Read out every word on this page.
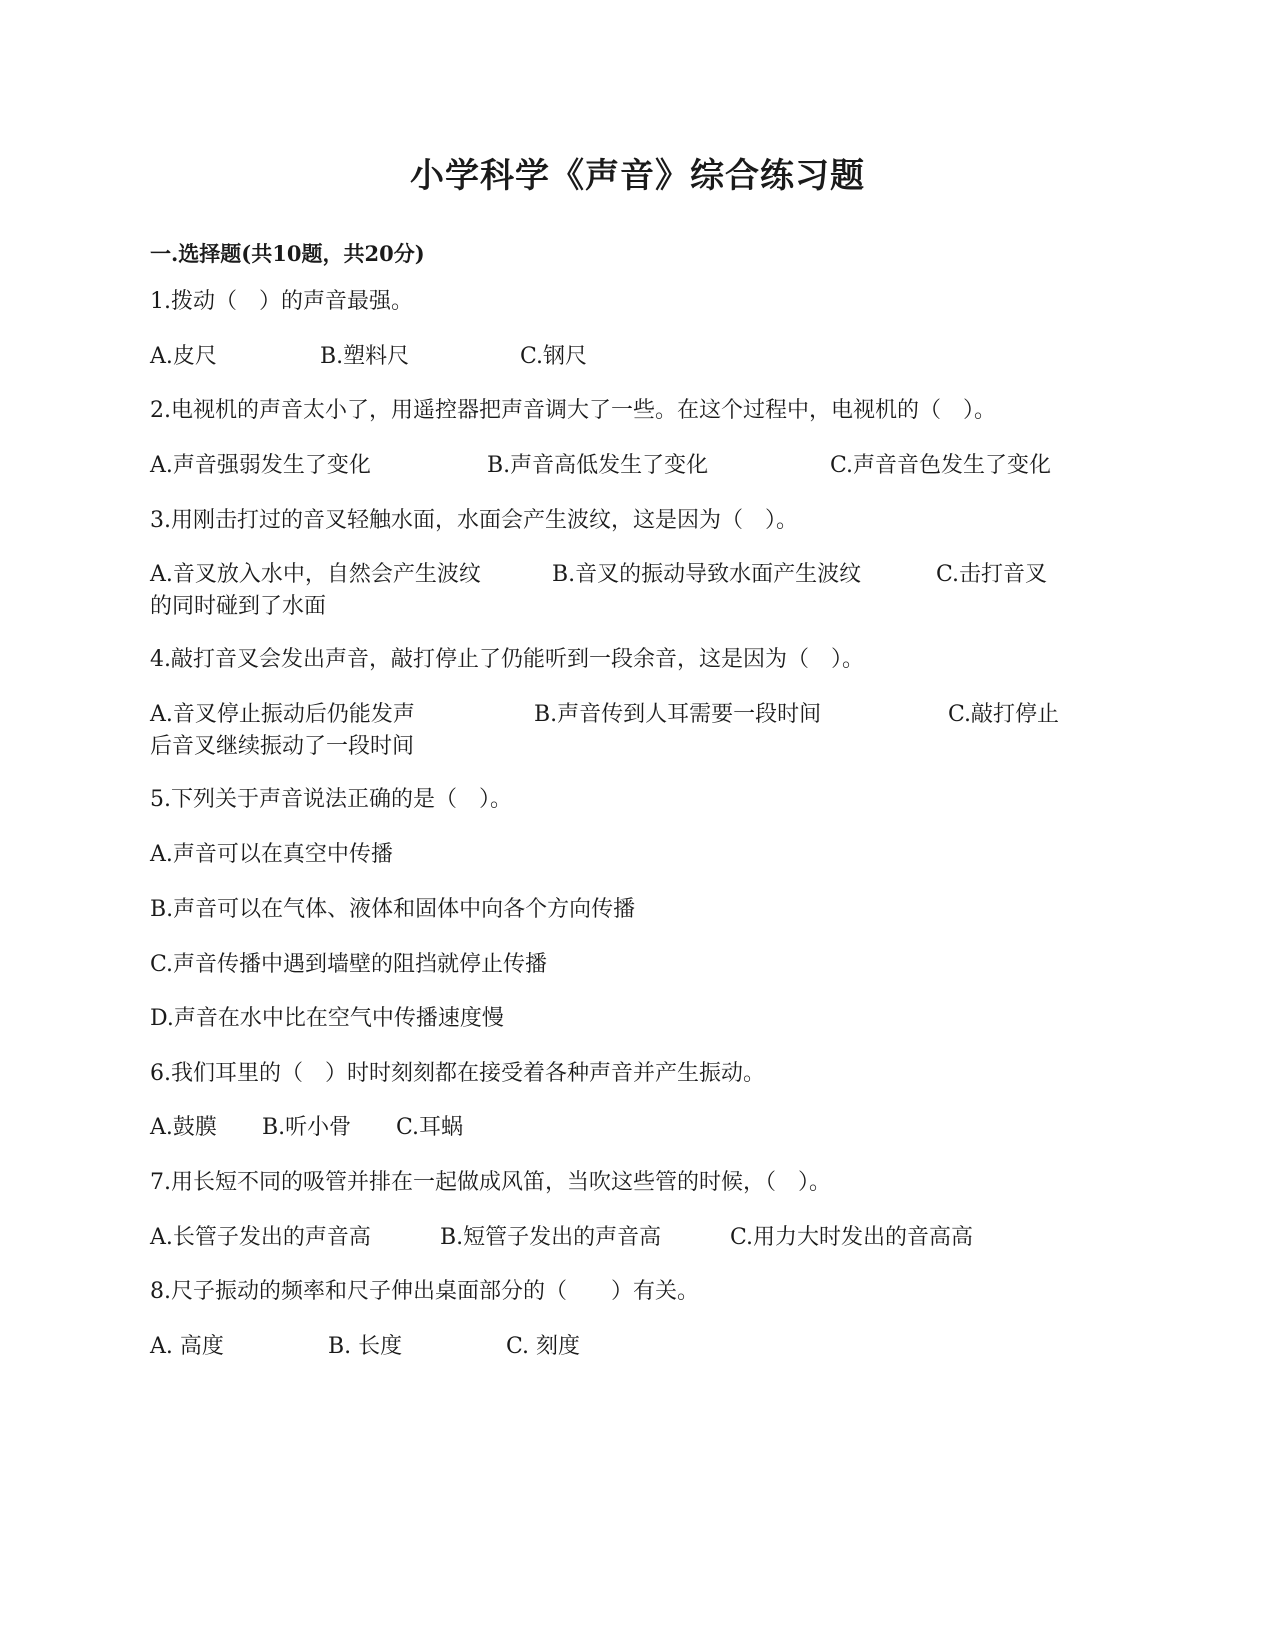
小学科学《声音》综合练习题
一.选择题(共10题，共20分)

1.拨动（　）的声音最强。

A.皮尺	B.塑料尺	C.钢尺

2.电视机的声音太小了，用遥控器把声音调大了一些。在这个过程中，电视机的（　）。

A.声音强弱发生了变化	B.声音高低发生了变化	C.声音音色发生了变化

3.用刚击打过的音叉轻触水面，水面会产生波纹，这是因为（　）。

A.音叉放入水中，自然会产生波纹	B.音叉的振动导致水面产生波纹	C.击打音叉
的同时碰到了水面

4.敲打音叉会发出声音，敲打停止了仍能听到一段余音，这是因为（　）。

A.音叉停止振动后仍能发声	B.声音传到人耳需要一段时间	C.敲打停止
后音叉继续振动了一段时间

5.下列关于声音说法正确的是（　）。

A.声音可以在真空中传播

B.声音可以在气体、液体和固体中向各个方向传播

C.声音传播中遇到墙壁的阻挡就停止传播

D.声音在水中比在空气中传播速度慢

6.我们耳里的（　）时时刻刻都在接受着各种声音并产生振动。

A.鼓膜 B.听小骨 C.耳蜗

7.用长短不同的吸管并排在一起做成风笛，当吹这些管的时候，（　）。

A.长管子发出的声音高	B.短管子发出的声音高	C.用力大时发出的音高高

8.尺子振动的频率和尺子伸出桌面部分的（　　）有关。

A. 高度	B. 长度	C. 刻度
